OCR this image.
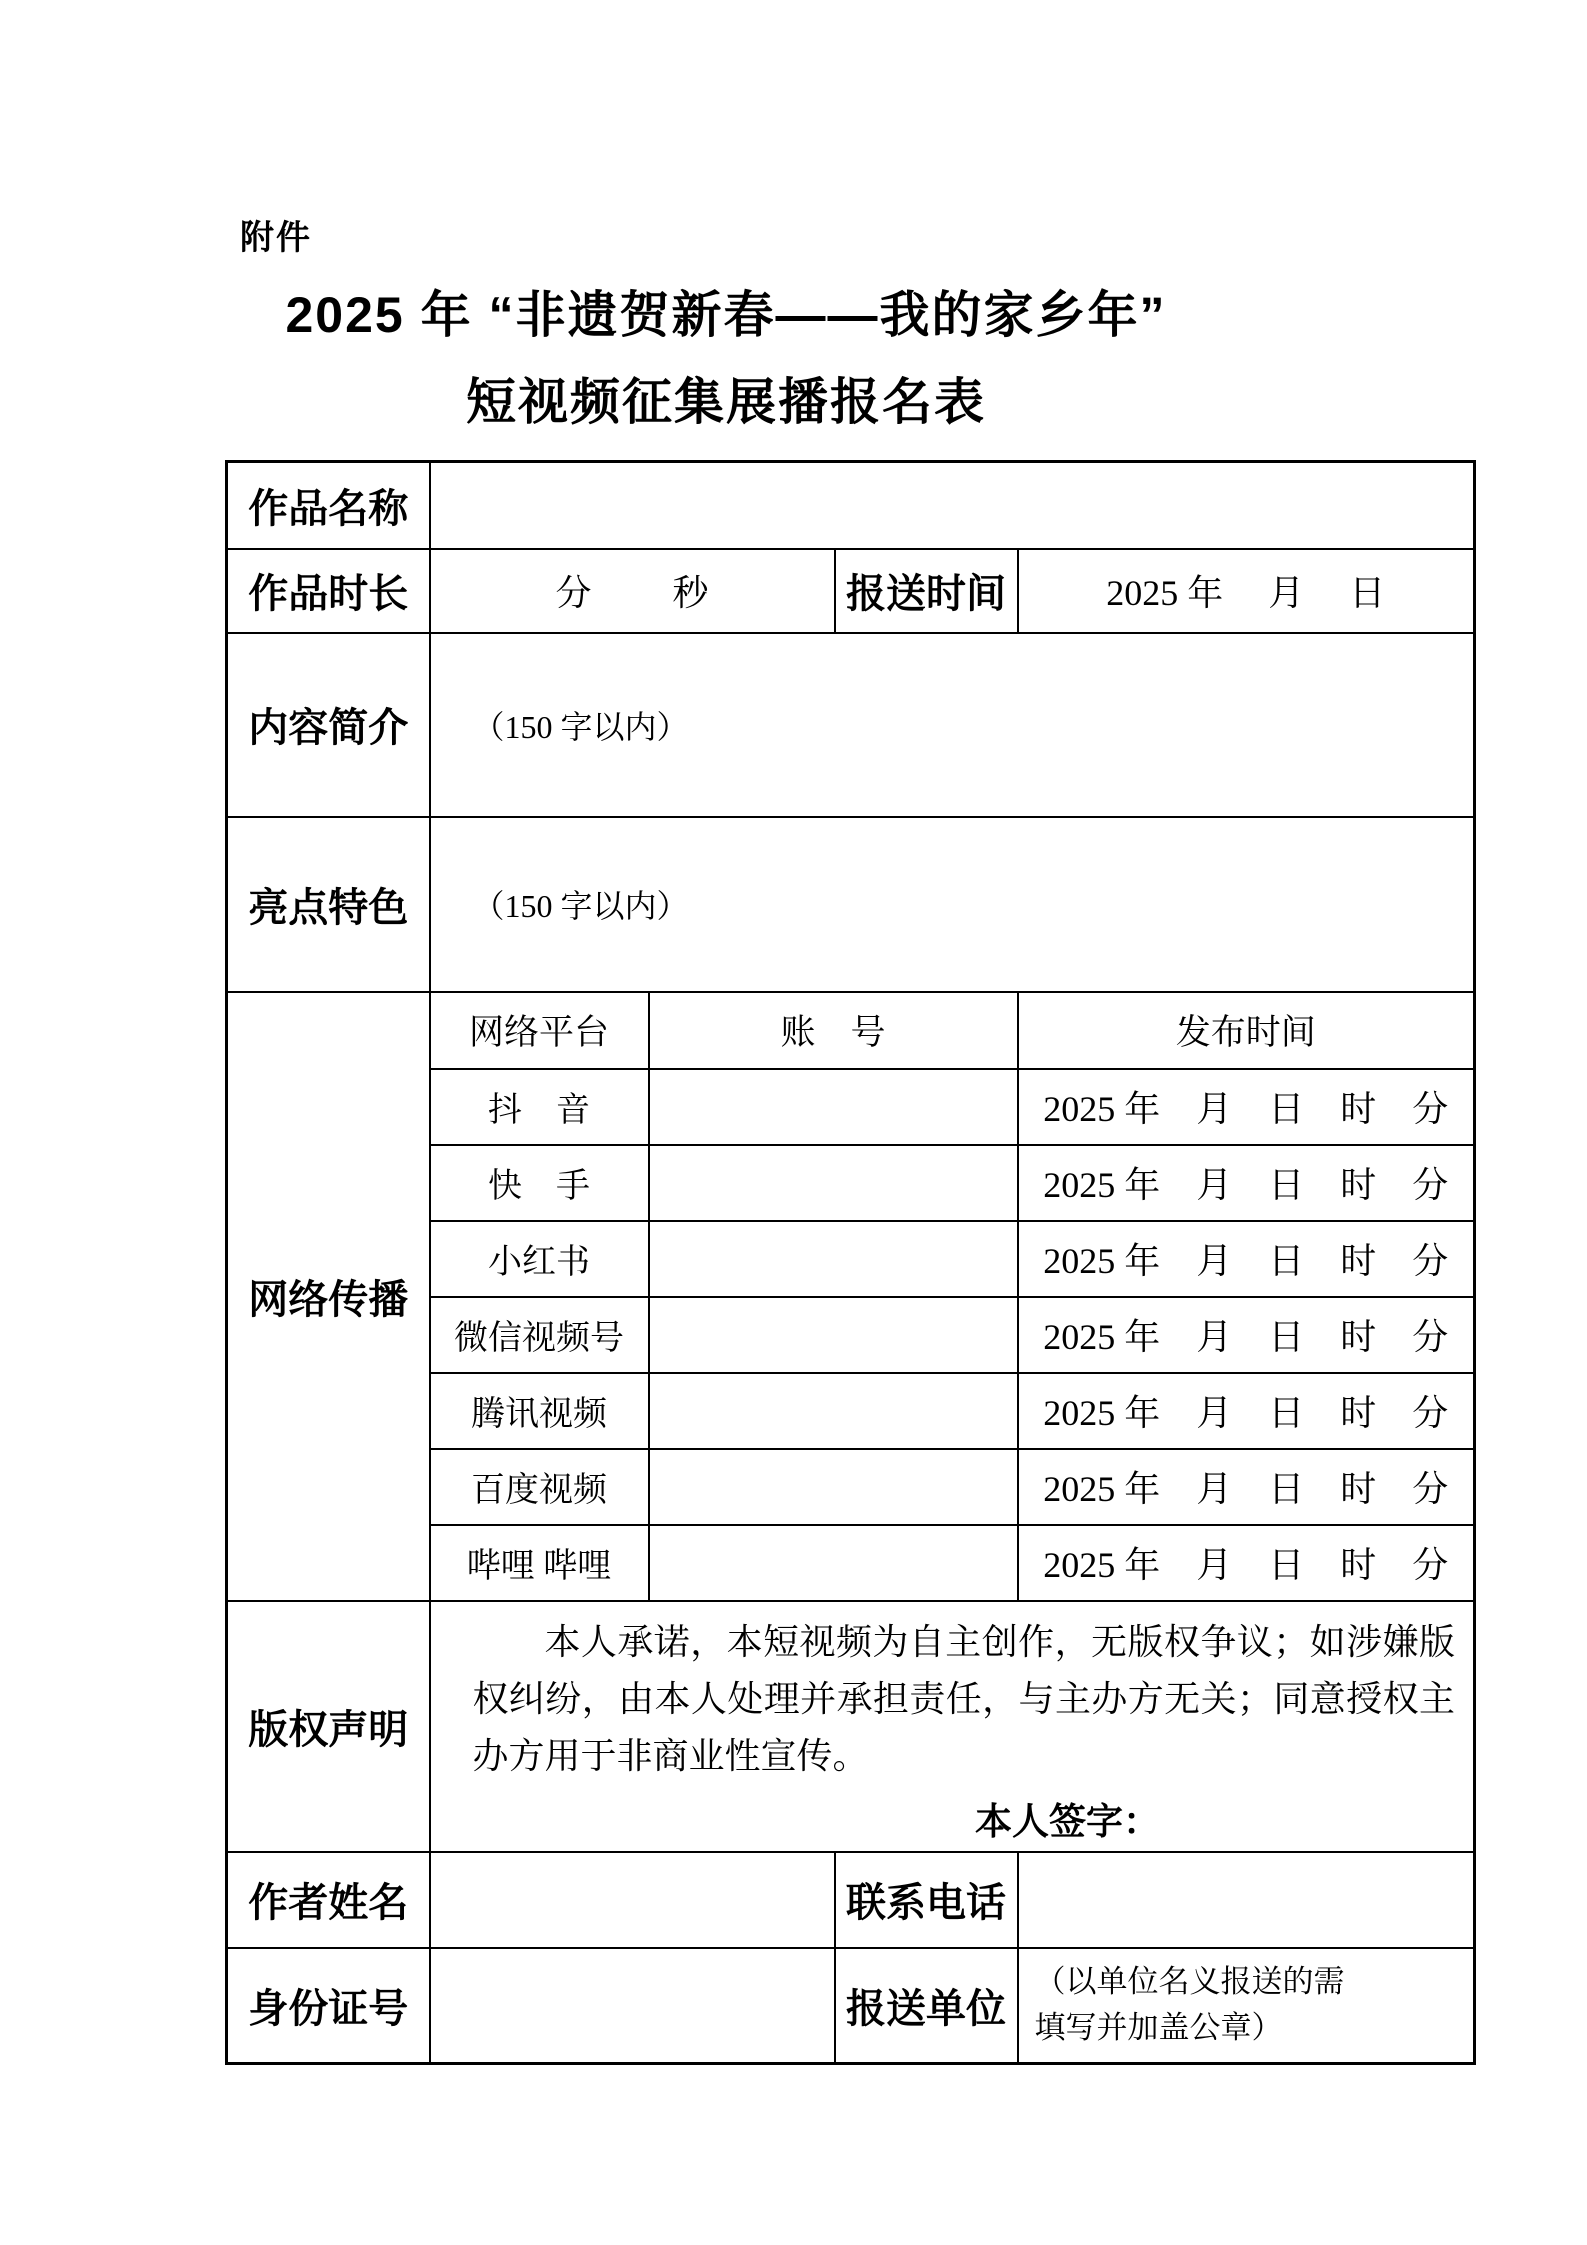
附件
2025 年 “非遗贺新春——我的家乡年”
短视频征集展播报名表
作品名称				
作品时长	分　　 秒		报送时间	2025 年　 月　 日
内容简介	（150 字以内）			
亮点特色	（150 字以内）			
网络传播	网络平台	账　号		发布时间
	抖　音			2025 年　月　日　时　分
	快　手			2025 年　月　日　时　分
	小红书			2025 年　月　日　时　分
	微信视频号			2025 年　月　日　时　分
	腾讯视频			2025 年　月　日　时　分
	百度视频			2025 年　月　日　时　分
	哔哩 哔哩			2025 年　月　日　时　分
版权声明	本人承诺，本短视频为自主创作，无版权争议；如涉嫌版权纠纷，由本人处理并承担责任，与主办方无关；同意授权主办方用于非商业性宣传。
本人签字：			

作者姓名			联系电话	
身份证号			报送单位	（以单位名义报送的需填写并加盖公章）
